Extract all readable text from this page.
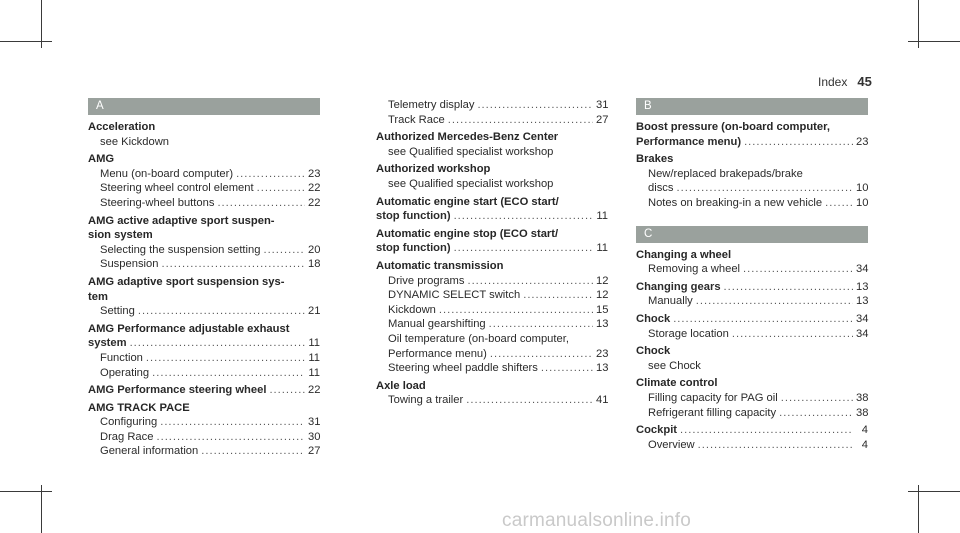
Index 45
A
Acceleration
see Kickdown
AMG
Menu (on-board computer) .....	23
Steering wheel control element .....	22
Steering-wheel buttons .....	22
AMG active adaptive sport suspen-
sion system
Selecting the suspension setting .....	20
Suspension .....	18
AMG adaptive sport suspension sys-
tem
Setting .....	21
AMG Performance adjustable exhaust
system .....	11
Function .....	11
Operating .....	11
AMG Performance steering wheel .....	22
AMG TRACK PACE
Configuring .....	31
Drag Race .....	30
General information .....	27
Telemetry display .....	31
Track Race .....	27
Authorized Mercedes-Benz Center
see Qualified specialist workshop
Authorized workshop
see Qualified specialist workshop
Automatic engine start (ECO start/
stop function) .....	11
Automatic engine stop (ECO start/
stop function) .....	11
Automatic transmission
Drive programs .....	12
DYNAMIC SELECT switch .....	12
Kickdown .....	15
Manual gearshifting .....	13
Oil temperature (on-board computer,
Performance menu) .....	23
Steering wheel paddle shifters .....	13
Axle load
Towing a trailer .....	41
B
Boost pressure (on-board computer,
Performance menu) .....	23
Brakes
New/replaced brakepads/brake
discs .....	10
Notes on breaking-in a new vehicle .....	10
C
Changing a wheel
Removing a wheel .....	34
Changing gears .....	13
Manually .....	13
Chock .....	34
Storage location .....	34
Chock
see Chock
Climate control
Filling capacity for PAG oil .....	38
Refrigerant filling capacity .....	38
Cockpit .....	4
Overview .....	4
carmanualsonline.info
